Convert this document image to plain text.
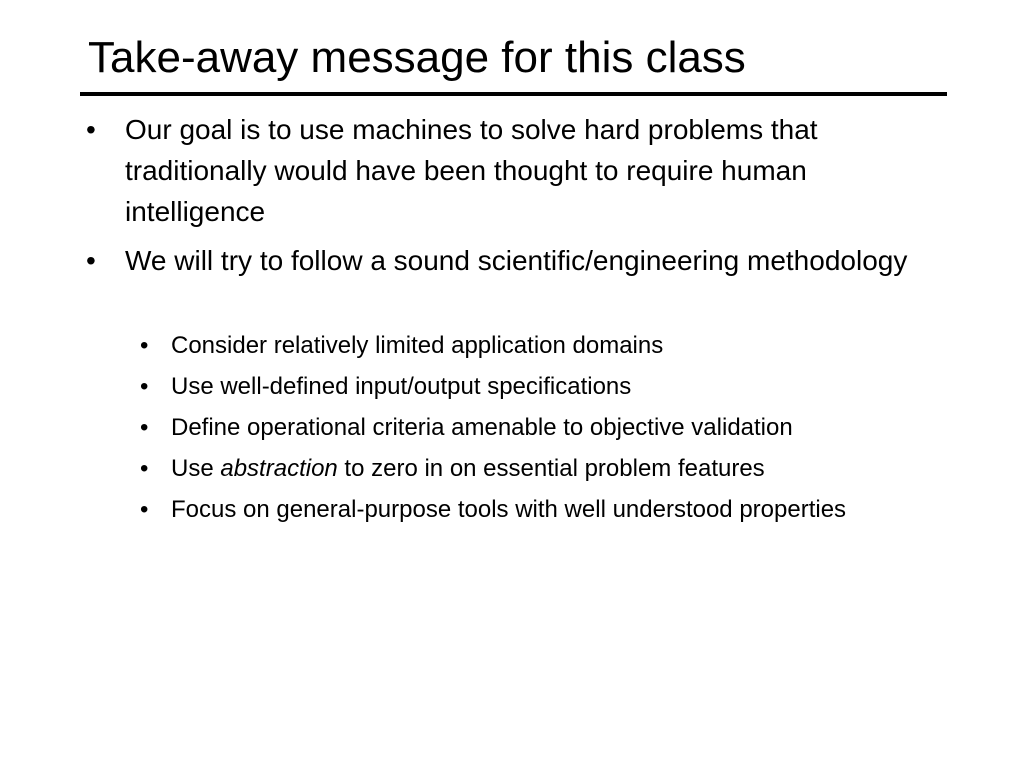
Take-away message for this class
• Our goal is to use machines to solve hard problems that traditionally would have been thought to require human intelligence
• We will try to follow a sound scientific/engineering methodology
• Consider relatively limited application domains
• Use well-defined input/output specifications
• Define operational criteria amenable to objective validation
• Use abstraction to zero in on essential problem features
• Focus on general-purpose tools with well understood properties
